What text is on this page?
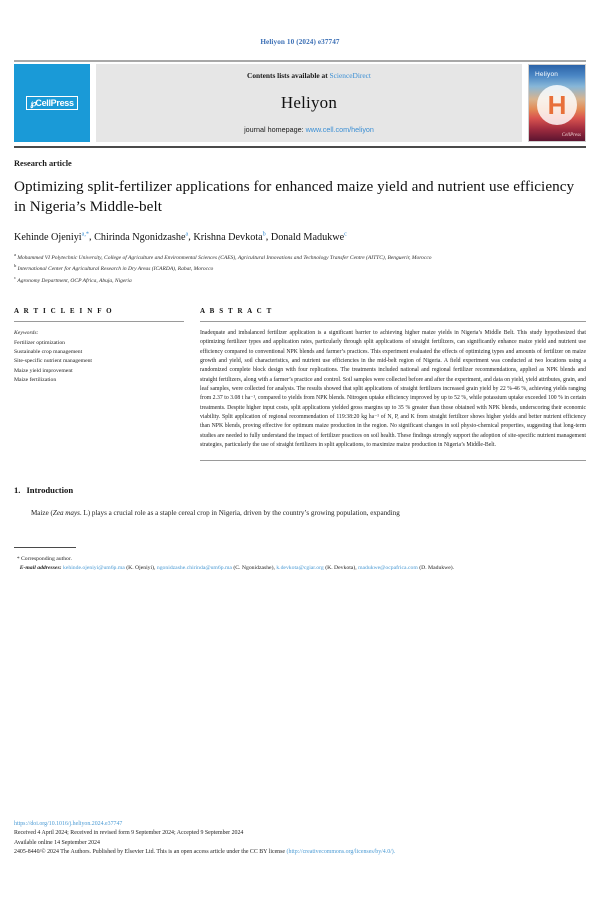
Heliyon 10 (2024) e37747
℘CellPress
Contents lists available at ScienceDirect
Heliyon
journal homepage: www.cell.com/heliyon
Heliyon
H
CellPress
Research article
Optimizing split-fertilizer applications for enhanced maize yield and nutrient use efficiency in Nigeria’s Middle-belt
Kehinde Ojeniyi$^{a,*}$, Chirinda Ngonidzashe$^a$, Krishna Devkota$^b$, Donald Madukwe$^c$
$^a$ Mohammed VI Polytechnic University, College of Agriculture and Environmental Sciences (CAES), Agricultural Innovations and Technology Transfer Centre (AITTC), Benguerir, Morocco
$^b$ International Center for Agricultural Research in Dry Areas (ICARDA), Rabat, Morocco
$^c$ Agronomy Department, OCP Africa, Abuja, Nigeria
A R T I C L E I N F O
Keywords:
Fertilizer optimization
Sustainable crop management
Site-specific nutrient management
Maize yield improvement
Maize fertilization
A B S T R A C T
Inadequate and imbalanced fertilizer application is a significant barrier to achieving higher maize yields in Nigeria’s Middle Belt. This study hypothesized that optimizing fertilizer types and application rates, particularly through split applications of straight fertilizers, can significantly enhance maize yield and nutrient use efficiency compared to conventional NPK blends and farmer’s practices. This experiment evaluated the effects of optimizing types and amounts of fertilizer on maize growth and yield, soil characteristics, and nutrient use efficiencies in the mid-belt region of Nigeria. A field experiment was conducted at two locations using a randomized complete block design with four replications. The treatments included national and regional fertilizer recommendations, applied as NPK blends and straight fertilizers, along with a farmer’s practice and control. Soil samples were collected before and after the experiment, and data on yield, yield attributes, grain, and leaf samples, were collected for analysis. The results showed that split applications of straight fertilizers increased grain yield by 22 %-46 %, achieving yields ranging from 2.37 to 3.08 t ha⁻¹, compared to yields from NPK blends. Nitrogen uptake efficiency improved by up to 52 %, while potassium uptake exceeded 100 % in certain treatments. Despite higher input costs, split applications yielded gross margins up to 35 % greater than those obtained with NPK blends, underscoring their economic viability. Split application of regional recommendation of 119:38:20 kg ha⁻¹ of N, P, and K from straight fertilizer shows higher yields and better nutrient efficiency than NPK blends, proving effective for optimum maize production in the region. No significant changes in soil physio-chemical properties, suggesting that long-term studies are needed to fully understand the impact of fertilizer practices on soil health. These findings strongly support the adoption of site-specific nutrient management strategies, particularly the use of straight fertilizers in split applications, to maximize maize production in Nigeria’s Middle-Belt.
1. Introduction

Maize (Zea mays. L) plays a crucial role as a staple cereal crop in Nigeria, driven by the country’s growing population, expanding

* Corresponding author.
E-mail addresses: kehinde.ojeniyi@um6p.ma (K. Ojeniyi), ngonidzashe.chirinda@um6p.ma (C. Ngonidzashe), k.devkota@cgiar.org (K. Devkota), madukwe@ocpafrica.com (D. Madukwe).
https://doi.org/10.1016/j.heliyon.2024.e37747
Received 4 April 2024; Received in revised form 9 September 2024; Accepted 9 September 2024
Available online 14 September 2024
2405-8440/© 2024 The Authors. Published by Elsevier Ltd. This is an open access article under the CC BY license (http://creativecommons.org/licenses/by/4.0/).
